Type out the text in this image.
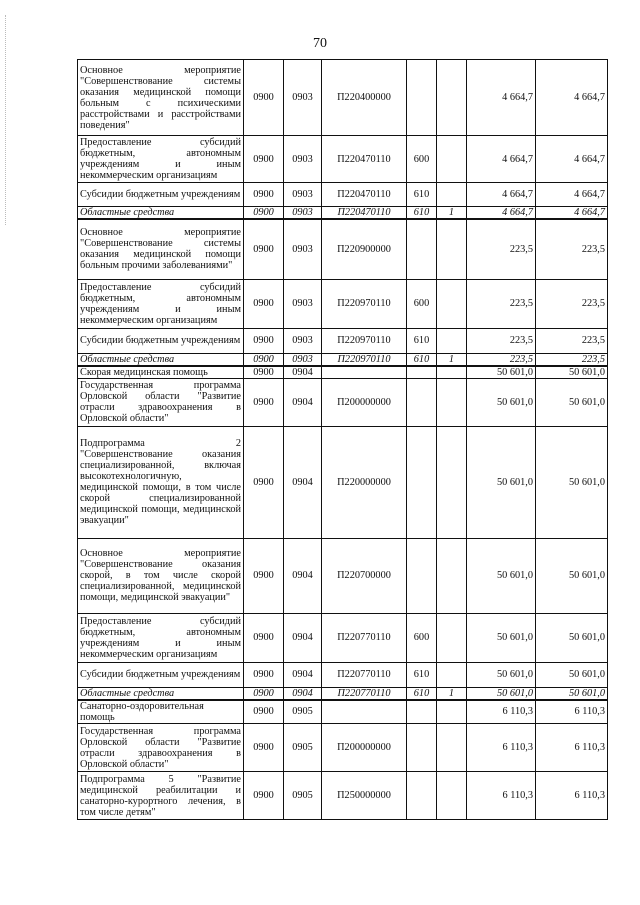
70
Основное мероприятие "Совершенствование системы оказания медицинской помощи больным с психическими расстройствами и расстройствами поведения"	0900	0903	П220400000			4 664,7	4 664,7
Предоставление субсидий бюджетным, автономным учреждениям и иным некоммерческим организациям	0900	0903	П220470110	600		4 664,7	4 664,7
Субсидии бюджетным учреждениям	0900	0903	П220470110	610		4 664,7	4 664,7
Областные средства	0900	0903	П220470110	610	1	4 664,7	4 664,7
Основное мероприятие "Совершенствование системы оказания медицинской помощи больным прочими заболеваниями"	0900	0903	П220900000			223,5	223,5
Предоставление субсидий бюджетным, автономным учреждениям и иным некоммерческим организациям	0900	0903	П220970110	600		223,5	223,5
Субсидии бюджетным учреждениям	0900	0903	П220970110	610		223,5	223,5
Областные средства	0900	0903	П220970110	610	1	223,5	223,5
Скорая медицинская помощь	0900	0904				50 601,0	50 601,0
Государственная программа Орловской области "Развитие отрасли здравоохранения в Орловской области"	0900	0904	П200000000			50 601,0	50 601,0
Подпрограмма 2 "Совершенствование оказания специализированной, включая высокотехнологичную, медицинской помощи, в том числе скорой специализированной медицинской помощи, медицинской эвакуации"	0900	0904	П220000000			50 601,0	50 601,0
Основное мероприятие "Совершенствование оказания скорой, в том числе скорой специализированной, медицинской помощи, медицинской эвакуации"	0900	0904	П220700000			50 601,0	50 601,0
Предоставление субсидий бюджетным, автономным учреждениям и иным некоммерческим организациям	0900	0904	П220770110	600		50 601,0	50 601,0
Субсидии бюджетным учреждениям	0900	0904	П220770110	610		50 601,0	50 601,0
Областные средства	0900	0904	П220770110	610	1	50 601,0	50 601,0
Санаторно-оздоровительная помощь	0900	0905				6 110,3	6 110,3
Государственная программа Орловской области "Развитие отрасли здравоохранения в Орловской области"	0900	0905	П200000000			6 110,3	6 110,3
Подпрограмма 5 "Развитие медицинской реабилитации и санаторно-курортного лечения, в том числе детям"	0900	0905	П250000000			6 110,3	6 110,3
